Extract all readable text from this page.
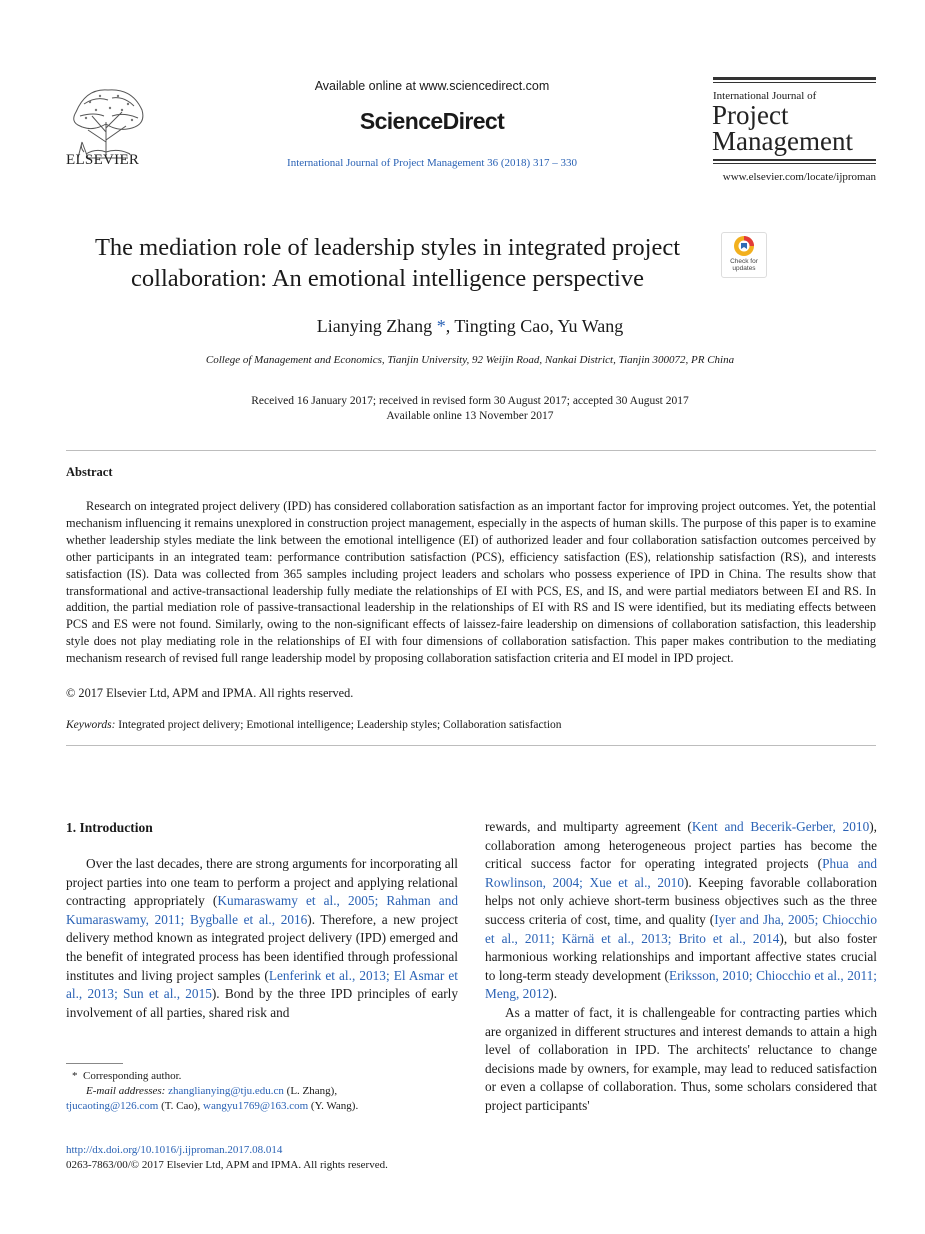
ELSEVIER
Available online at www.sciencedirect.com
ScienceDirect
International Journal of Project Management 36 (2018) 317 – 330
International Journal of
Project
Management
www.elsevier.com/locate/ijproman
The mediation role of leadership styles in integrated project
collaboration: An emotional intelligence perspective
Check for updates
Lianying Zhang *, Tingting Cao, Yu Wang
College of Management and Economics, Tianjin University, 92 Weijin Road, Nankai District, Tianjin 300072, PR China
Received 16 January 2017; received in revised form 30 August 2017; accepted 30 August 2017
Available online 13 November 2017
Abstract

Research on integrated project delivery (IPD) has considered collaboration satisfaction as an important factor for improving project outcomes. Yet, the potential mechanism influencing it remains unexplored in construction project management, especially in the aspects of human skills. The purpose of this paper is to examine whether leadership styles mediate the link between the emotional intelligence (EI) of authorized leader and four collaboration satisfaction outcomes perceived by other participants in an integrated team: performance contribution satisfaction (PCS), efficiency satisfaction (ES), relationship satisfaction (RS), and interests satisfaction (IS). Data was collected from 365 samples including project leaders and scholars who possess experience of IPD in China. The results show that transformational and active-transactional leadership fully mediate the relationships of EI with PCS, ES, and IS, and were partial mediators between EI and RS. In addition, the partial mediation role of passive-transactional leadership in the relationships of EI with RS and IS were identified, but its mediating effects between PCS and ES were not found. Similarly, owing to the non-significant effects of laissez-faire leadership on dimensions of collaboration satisfaction, this leadership style does not play mediating role in the relationships of EI with four dimensions of collaboration satisfaction. This paper makes contribution to the mediating mechanism research of revised full range leadership model by proposing collaboration satisfaction criteria and EI model in IPD project.

© 2017 Elsevier Ltd, APM and IPMA. All rights reserved.
Keywords: Integrated project delivery; Emotional intelligence; Leadership styles; Collaboration satisfaction
1. Introduction

Over the last decades, there are strong arguments for incorporating all project parties into one team to perform a project and applying relational contracting appropriately (Kumaraswamy et al., 2005; Rahman and Kumaraswamy, 2011; Bygballe et al., 2016). Therefore, a new project delivery method known as integrated project delivery (IPD) emerged and the benefit of integrated process has been identified through professional institutes and living project samples (Lenferink et al., 2013; El Asmar et al., 2013; Sun et al., 2015). Bond by the three IPD principles of early involvement of all parties, shared risk and

rewards, and multiparty agreement (Kent and Becerik-Gerber, 2010), collaboration among heterogeneous project parties has become the critical success factor for operating integrated projects (Phua and Rowlinson, 2004; Xue et al., 2010). Keeping favorable collaboration helps not only achieve short-term business objectives such as the three success criteria of cost, time, and quality (Iyer and Jha, 2005; Chiocchio et al., 2011; Kärnä et al., 2013; Brito et al., 2014), but also foster harmonious working relationships and important affective states crucial to long-term steady development (Eriksson, 2010; Chiocchio et al., 2011; Meng, 2012).

As a matter of fact, it is challengeable for contracting parties which are organized in different structures and interest demands to attain a high level of collaboration in IPD. The architects' reluctance to change decisions made by owners, for example, may lead to reduced satisfaction or even a collapse of collaboration. Thus, some scholars considered that project participants'

* Corresponding author.
E-mail addresses: zhanglianying@tju.edu.cn (L. Zhang),
tjucaoting@126.com (T. Cao), wangyu1769@163.com (Y. Wang).
http://dx.doi.org/10.1016/j.ijproman.2017.08.014
0263-7863/00/© 2017 Elsevier Ltd, APM and IPMA. All rights reserved.
